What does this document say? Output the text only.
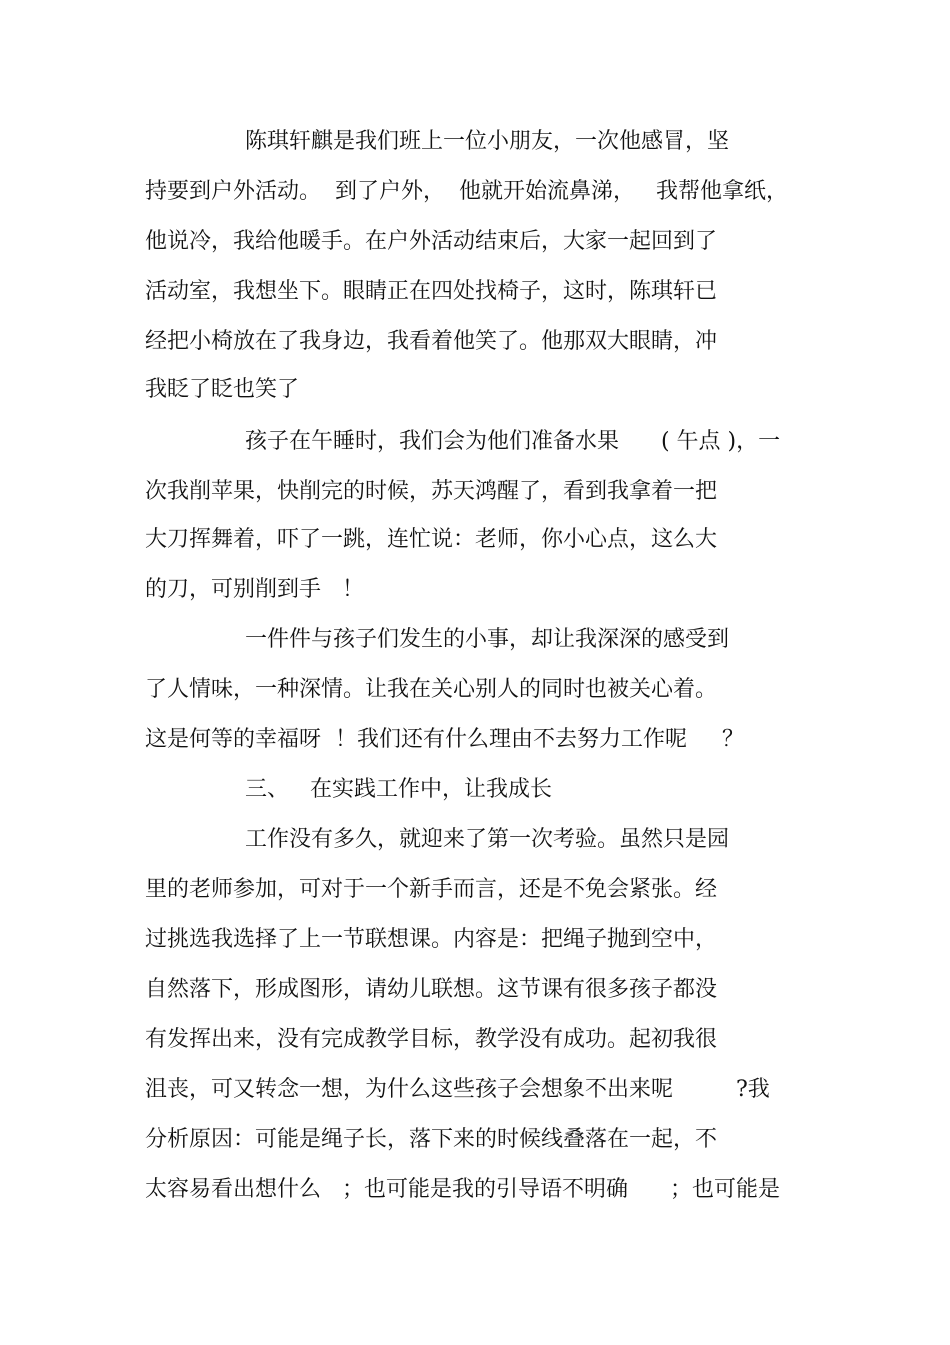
陈琪轩麒是我们班上一位小朋友，一次他感冒，坚
持要到户外活动。  到了户外，  他就开始流鼻涕，   我帮他拿纸，
他说冷，我给他暖手。在户外活动结束后，大家一起回到了
活动室，我想坐下。眼睛正在四处找椅子，这时，陈琪轩已
经把小椅放在了我身边，我看着他笑了。他那双大眼睛，冲
我眨了眨也笑了
孩子在午睡时，我们会为他们准备水果      ( 午点 )，一
次我削苹果，快削完的时候，苏天鸿醒了，看到我拿着一把
大刀挥舞着，吓了一跳，连忙说：老师，你小心点，这么大
的刀，可别削到手   ！
一件件与孩子们发生的小事，却让我深深的感受到
了人情味，一种深情。让我在关心别人的同时也被关心着。
这是何等的幸福呀  ！我们还有什么理由不去努力工作呢     ？
三、   在实践工作中，让我成长
工作没有多久，就迎来了第一次考验。虽然只是园
里的老师参加，可对于一个新手而言，还是不免会紧张。经
过挑选我选择了上一节联想课。内容是：把绳子抛到空中，
自然落下，形成图形，请幼儿联想。这节课有很多孩子都没
有发挥出来，没有完成教学目标，教学没有成功。起初我很
沮丧，可又转念一想，为什么这些孩子会想象不出来呢         ?我
分析原因：可能是绳子长，落下来的时候线叠落在一起，不
太容易看出想什么   ；也可能是我的引导语不明确      ；也可能是
